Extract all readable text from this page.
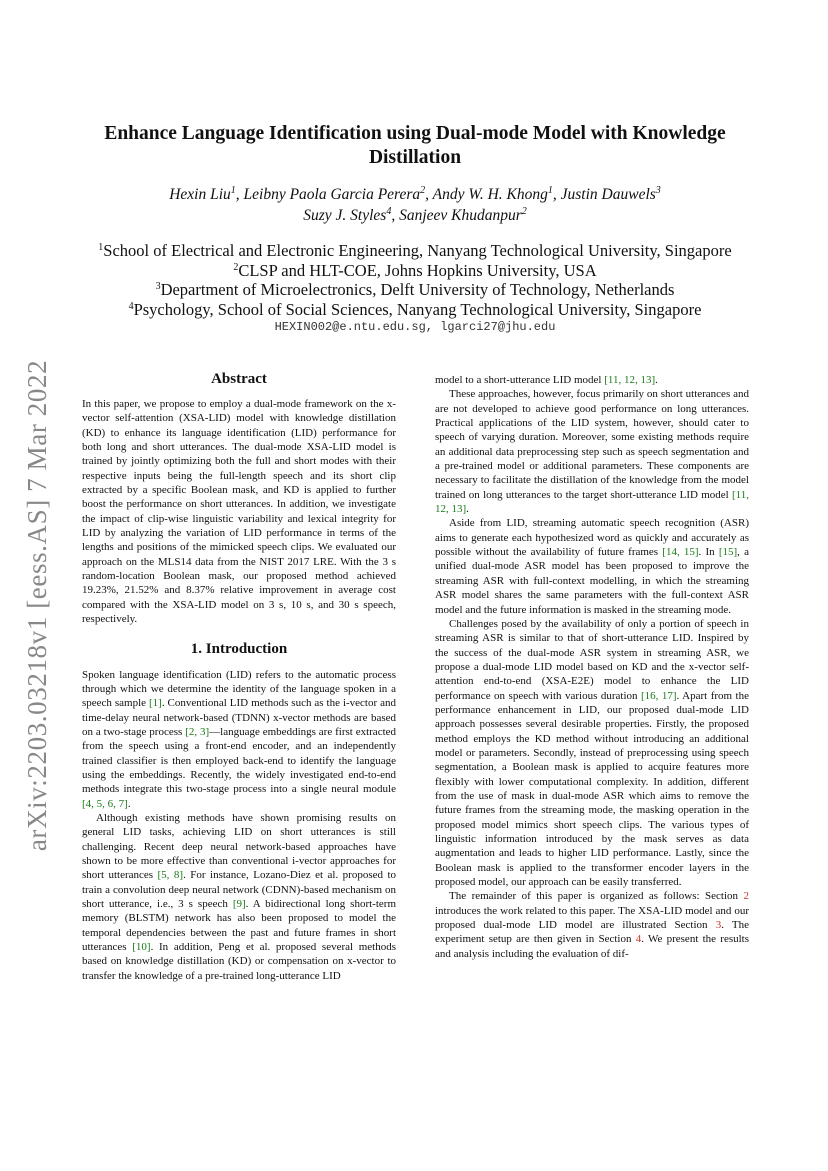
arXiv:2203.03218v1 [eess.AS] 7 Mar 2022
Enhance Language Identification using Dual-mode Model with Knowledge Distillation
Hexin Liu$^1$, Leibny Paola Garcia Perera$^2$, Andy W. H. Khong$^1$, Justin Dauwels$^3$
Suzy J. Styles$^4$, Sanjeev Khudanpur$^2$
$^1$School of Electrical and Electronic Engineering, Nanyang Technological University, Singapore
$^2$CLSP and HLT-COE, Johns Hopkins University, USA
$^3$Department of Microelectronics, Delft University of Technology, Netherlands
$^4$Psychology, School of Social Sciences, Nanyang Technological University, Singapore
HEXIN002@e.ntu.edu.sg, lgarci27@jhu.edu
Abstract

In this paper, we propose to employ a dual-mode framework on the x-vector self-attention (XSA-LID) model with knowledge distillation (KD) to enhance its language identification (LID) performance for both long and short utterances. The dual-mode XSA-LID model is trained by jointly optimizing both the full and short modes with their respective inputs being the full-length speech and its short clip extracted by a specific Boolean mask, and KD is applied to further boost the performance on short utterances. In addition, we investigate the impact of clip-wise linguistic variability and lexical integrity for LID by analyzing the variation of LID performance in terms of the lengths and positions of the mimicked speech clips. We evaluated our approach on the MLS14 data from the NIST 2017 LRE. With the 3 s random-location Boolean mask, our proposed method achieved 19.23%, 21.52% and 8.37% relative improvement in average cost compared with the XSA-LID model on 3 s, 10 s, and 30 s speech, respectively.

1. Introduction

Spoken language identification (LID) refers to the automatic process through which we determine the identity of the language spoken in a speech sample [1]. Conventional LID methods such as the i-vector and time-delay neural network-based (TDNN) x-vector methods are based on a two-stage process [2, 3]—language embeddings are first extracted from the speech using a front-end encoder, and an independently trained classifier is then employed back-end to identify the language using the embeddings. Recently, the widely investigated end-to-end methods integrate this two-stage process into a single neural module [4, 5, 6, 7].

Although existing methods have shown promising results on general LID tasks, achieving LID on short utterances is still challenging. Recent deep neural network-based approaches have shown to be more effective than conventional i-vector approaches for short utterances [5, 8]. For instance, Lozano-Diez et al. proposed to train a convolution deep neural network (CDNN)-based mechanism on short utterance, i.e., 3 s speech [9]. A bidirectional long short-term memory (BLSTM) network has also been proposed to model the temporal dependencies between the past and future frames in short utterances [10]. In addition, Peng et al. proposed several methods based on knowledge distillation (KD) or compensation on x-vector to transfer the knowledge of a pre-trained long-utterance LID

model to a short-utterance LID model [11, 12, 13].

These approaches, however, focus primarily on short utterances and are not developed to achieve good performance on long utterances. Practical applications of the LID system, however, should cater to speech of varying duration. Moreover, some existing methods require an additional data preprocessing step such as speech segmentation and a pre-trained model or additional parameters. These components are necessary to facilitate the distillation of the knowledge from the model trained on long utterances to the target short-utterance LID model [11, 12, 13].

Aside from LID, streaming automatic speech recognition (ASR) aims to generate each hypothesized word as quickly and accurately as possible without the availability of future frames [14, 15]. In [15], a unified dual-mode ASR model has been proposed to improve the streaming ASR with full-context modelling, in which the streaming ASR model shares the same parameters with the full-context ASR model and the future information is masked in the streaming mode.

Challenges posed by the availability of only a portion of speech in streaming ASR is similar to that of short-utterance LID. Inspired by the success of the dual-mode ASR system in streaming ASR, we propose a dual-mode LID model based on KD and the x-vector self-attention end-to-end (XSA-E2E) model to enhance the LID performance on speech with various duration [16, 17]. Apart from the performance enhancement in LID, our proposed dual-mode LID approach possesses several desirable properties. Firstly, the proposed method employs the KD method without introducing an additional model or parameters. Secondly, instead of preprocessing using speech segmentation, a Boolean mask is applied to acquire features more flexibly with lower computational complexity. In addition, different from the use of mask in dual-mode ASR which aims to remove the future frames from the streaming mode, the masking operation in the proposed model mimics short speech clips. The various types of linguistic information introduced by the mask serves as data augmentation and leads to higher LID performance. Lastly, since the Boolean mask is applied to the transformer encoder layers in the proposed model, our approach can be easily transferred.

The remainder of this paper is organized as follows: Section 2 introduces the work related to this paper. The XSA-LID model and our proposed dual-mode LID model are illustrated Section 3. The experiment setup are then given in Section 4. We present the results and analysis including the evaluation of dif-
